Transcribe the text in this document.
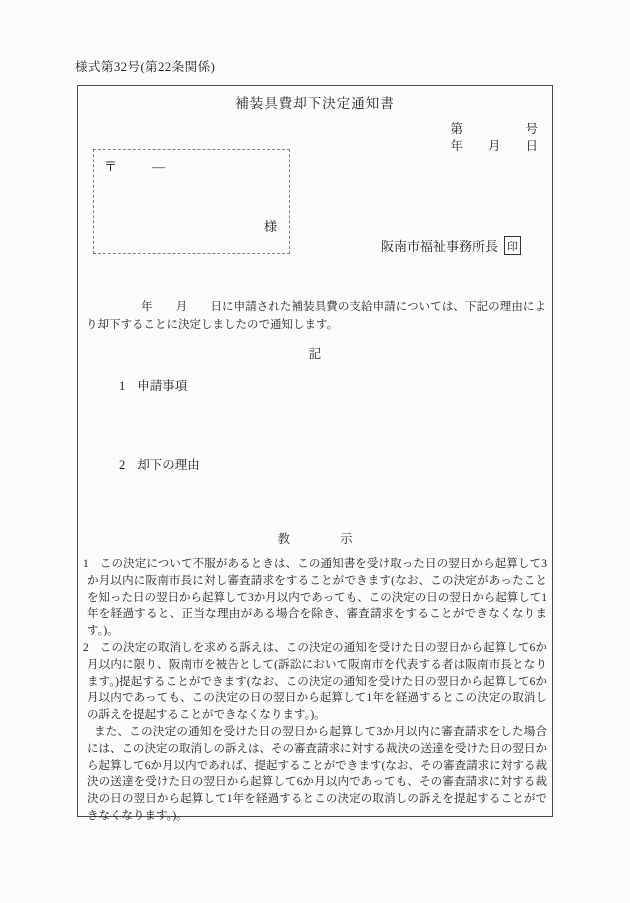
様式第32号(第22条関係)
補装具費却下決定通知書
第　　　　　号
年　　月　　日
〒	―
様
阪南市福祉事務所長 印
年　　月　　日に申請された補装具費の支給申請については、下記の理由により却下することに決定しましたので通知します。
記
1 申請事項
2 却下の理由
教　　　　示

1 この決定について不服があるときは、この通知書を受け取った日の翌日から起算して3か月以内に阪南市長に対し審査請求をすることができます(なお、この決定があったことを知った日の翌日から起算して3か月以内であっても、この決定の日の翌日から起算して1年を経過すると、正当な理由がある場合を除き、審査請求をすることができなくなります。)。

2 この決定の取消しを求める訴えは、この決定の通知を受けた日の翌日から起算して6か月以内に限り、阪南市を被告として(訴訟において阪南市を代表する者は阪南市長となります。)提起することができます(なお、この決定の通知を受けた日の翌日から起算して6か月以内であっても、この決定の日の翌日から起算して1年を経過するとこの決定の取消しの訴えを提起することができなくなります。)。

また、この決定の通知を受けた日の翌日から起算して3か月以内に審査請求をした場合には、この決定の取消しの訴えは、その審査請求に対する裁決の送達を受けた日の翌日から起算して6か月以内であれば、提起することができます(なお、その審査請求に対する裁決の送達を受けた日の翌日から起算して6か月以内であっても、その審査請求に対する裁決の日の翌日から起算して1年を経過するとこの決定の取消しの訴えを提起することができなくなります。)。
